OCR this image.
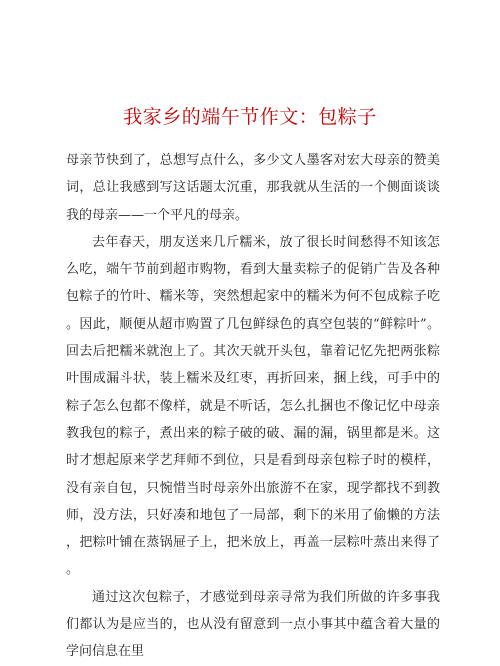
我家乡的端午节作文：包粽子

母亲节快到了，总想写点什么，多少文人墨客对宏大母亲的赞美词，总让我感到写这话题太沉重，那我就从生活的一个侧面谈谈我的母亲——一个平凡的母亲。

去年春天，朋友送来几斤糯米，放了很长时间愁得不知该怎么吃，端午节前到超市购物，看到大量卖粽子的促销广告及各种包粽子的竹叶、糯米等，突然想起家中的糯米为何不包成粽子吃。因此，顺便从超市购置了几包鲜绿色的真空包装的“鲜粽叶”。回去后把糯米就泡上了。其次天就开头包，靠着记忆先把两张粽叶围成漏斗状，装上糯米及红枣，再折回来，捆上线，可手中的粽子怎么包都不像样，就是不听话，怎么扎捆也不像记忆中母亲教我包的粽子，煮出来的粽子破的破、漏的漏，锅里都是米。这时才想起原来学艺拜师不到位，只是看到母亲包粽子时的模样，没有亲自包，只惋惜当时母亲外出旅游不在家，现学都找不到教师，没方法，只好凑和地包了一局部，剩下的米用了偷懒的方法，把粽叶铺在蒸锅屉子上，把米放上，再盖一层粽叶蒸出来得了。

通过这次包粽子，才感觉到母亲寻常为我们所做的许多事我们都认为是应当的，也从没有留意到一点小事其中蕴含着大量的学问信息在里
